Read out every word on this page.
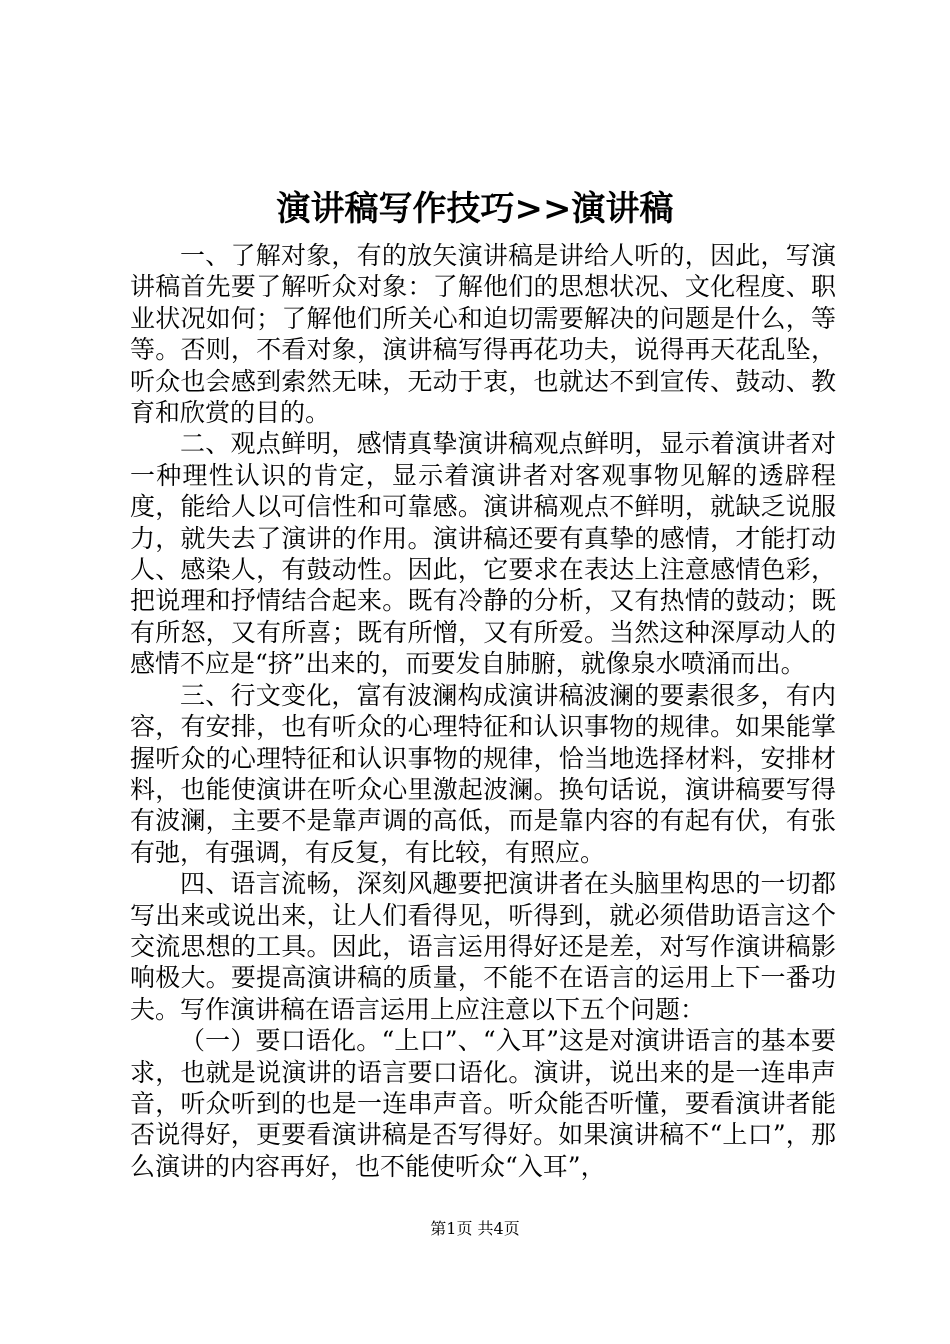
演讲稿写作技巧>>演讲稿

一、了解对象，有的放矢演讲稿是讲给人听的，因此，写演讲稿首先要了解听众对象：了解他们的思想状况、文化程度、职业状况如何；了解他们所关心和迫切需要解决的问题是什么，等等。否则，不看对象，演讲稿写得再花功夫，说得再天花乱坠，听众也会感到索然无味，无动于衷，也就达不到宣传、鼓动、教育和欣赏的目的。

二、观点鲜明，感情真挚演讲稿观点鲜明，显示着演讲者对一种理性认识的肯定，显示着演讲者对客观事物见解的透辟程度，能给人以可信性和可靠感。演讲稿观点不鲜明，就缺乏说服力，就失去了演讲的作用。演讲稿还要有真挚的感情，才能打动人、感染人，有鼓动性。因此，它要求在表达上注意感情色彩，把说理和抒情结合起来。既有冷静的分析，又有热情的鼓动；既有所怒，又有所喜；既有所憎，又有所爱。当然这种深厚动人的感情不应是“挤”出来的，而要发自肺腑，就像泉水喷涌而出。

三、行文变化，富有波澜构成演讲稿波澜的要素很多，有内容，有安排，也有听众的心理特征和认识事物的规律。如果能掌握听众的心理特征和认识事物的规律，恰当地选择材料，安排材料，也能使演讲在听众心里激起波澜。换句话说，演讲稿要写得有波澜，主要不是靠声调的高低，而是靠内容的有起有伏，有张有弛，有强调，有反复，有比较，有照应。

四、语言流畅，深刻风趣要把演讲者在头脑里构思的一切都写出来或说出来，让人们看得见，听得到，就必须借助语言这个交流思想的工具。因此，语言运用得好还是差，对写作演讲稿影响极大。要提高演讲稿的质量，不能不在语言的运用上下一番功夫。写作演讲稿在语言运用上应注意以下五个问题：

（一）要口语化。“上口”、“入耳”这是对演讲语言的基本要求，也就是说演讲的语言要口语化。演讲，说出来的是一连串声音，听众听到的也是一连串声音。听众能否听懂，要看演讲者能否说得好，更要看演讲稿是否写得好。如果演讲稿不“上口”，那么演讲的内容再好，也不能使听众“入耳”，

第1页 共4页
